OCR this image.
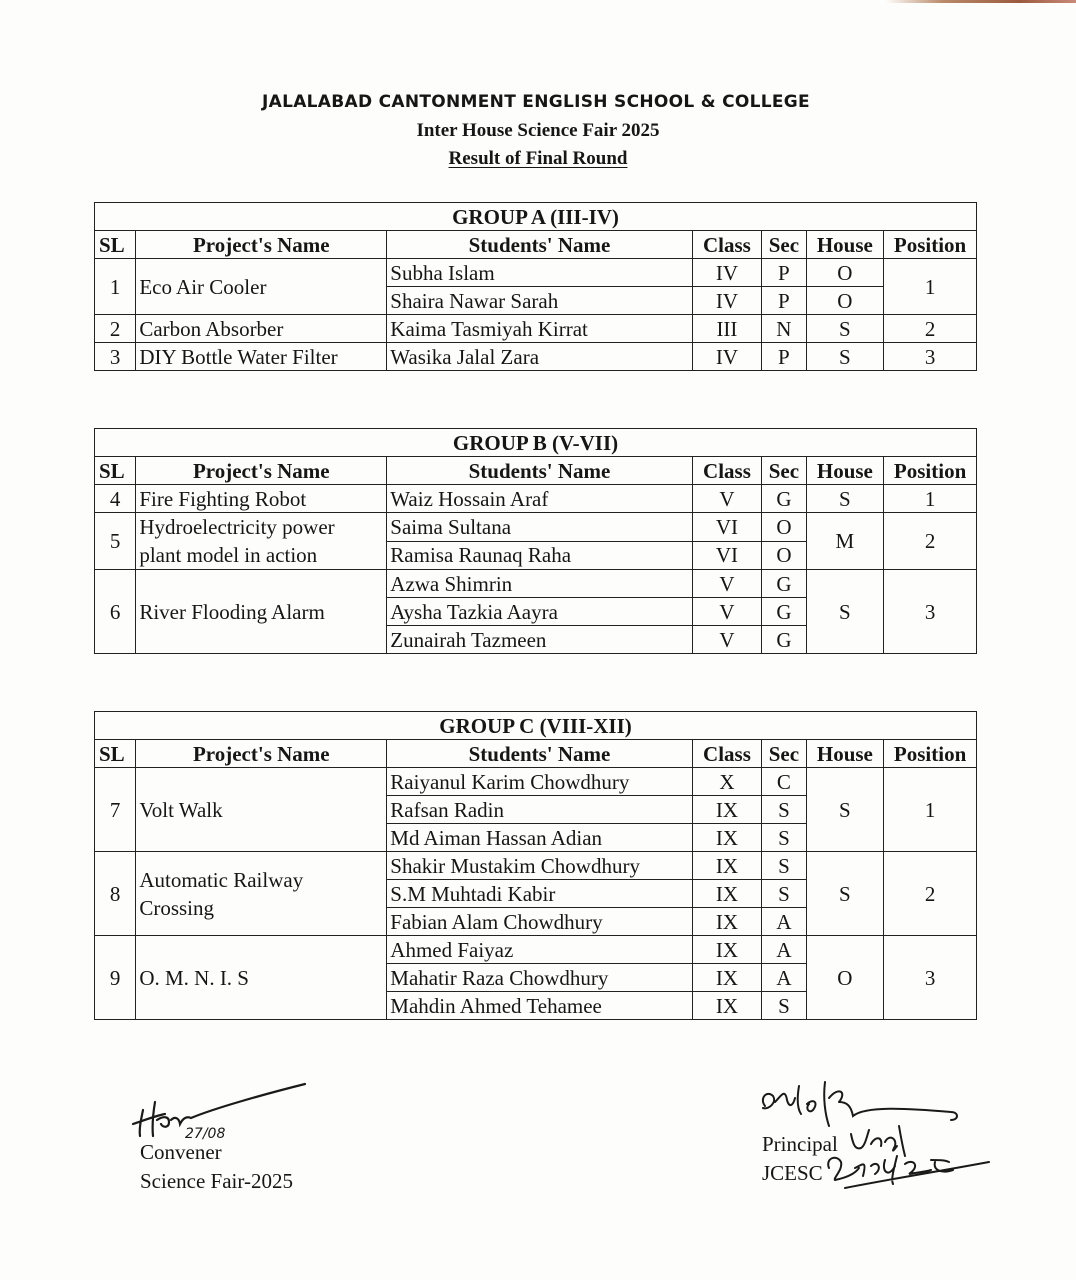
JALALABAD CANTONMENT ENGLISH SCHOOL & COLLEGE
Inter House Science Fair 2025
Result of Final Round
GROUP A (III-IV)						
SL	Project's Name	Students' Name	Class	Sec	House	Position
1	Eco Air Cooler	Subha Islam	IV	P	O	1
		Shaira Nawar Sarah	IV	P	O	
2	Carbon Absorber	Kaima Tasmiyah Kirrat	III	N	S	2
3	DIY Bottle Water Filter	Wasika Jalal Zara	IV	P	S	3
GROUP B (V-VII)						
SL	Project's Name	Students' Name	Class	Sec	House	Position
4	Fire Fighting Robot	Waiz Hossain Araf	V	G	S	1
5	Hydroelectricity power
plant model in action	Saima Sultana	VI	O	M	2
		Ramisa Raunaq Raha	VI	O		
6	River Flooding Alarm	Azwa Shimrin	V	G	S	3
		Aysha Tazkia Aayra	V	G		
		Zunairah Tazmeen	V	G		
GROUP C (VIII-XII)						
SL	Project's Name	Students' Name	Class	Sec	House	Position
7	Volt Walk	Raiyanul Karim Chowdhury	X	C	S	1
		Rafsan Radin	IX	S		
		Md Aiman Hassan Adian	IX	S		
8	Automatic Railway
Crossing	Shakir Mustakim Chowdhury	IX	S	S	2
		S.M Muhtadi Kabir	IX	S		
		Fabian Alam Chowdhury	IX	A		
9	O. M. N. I. S	Ahmed Faiyaz	IX	A	O	3
		Mahatir Raza Chowdhury	IX	A		
		Mahdin Ahmed Tehamee	IX	S		
27/08
Convener
Science Fair-2025
Principal
JCESC
